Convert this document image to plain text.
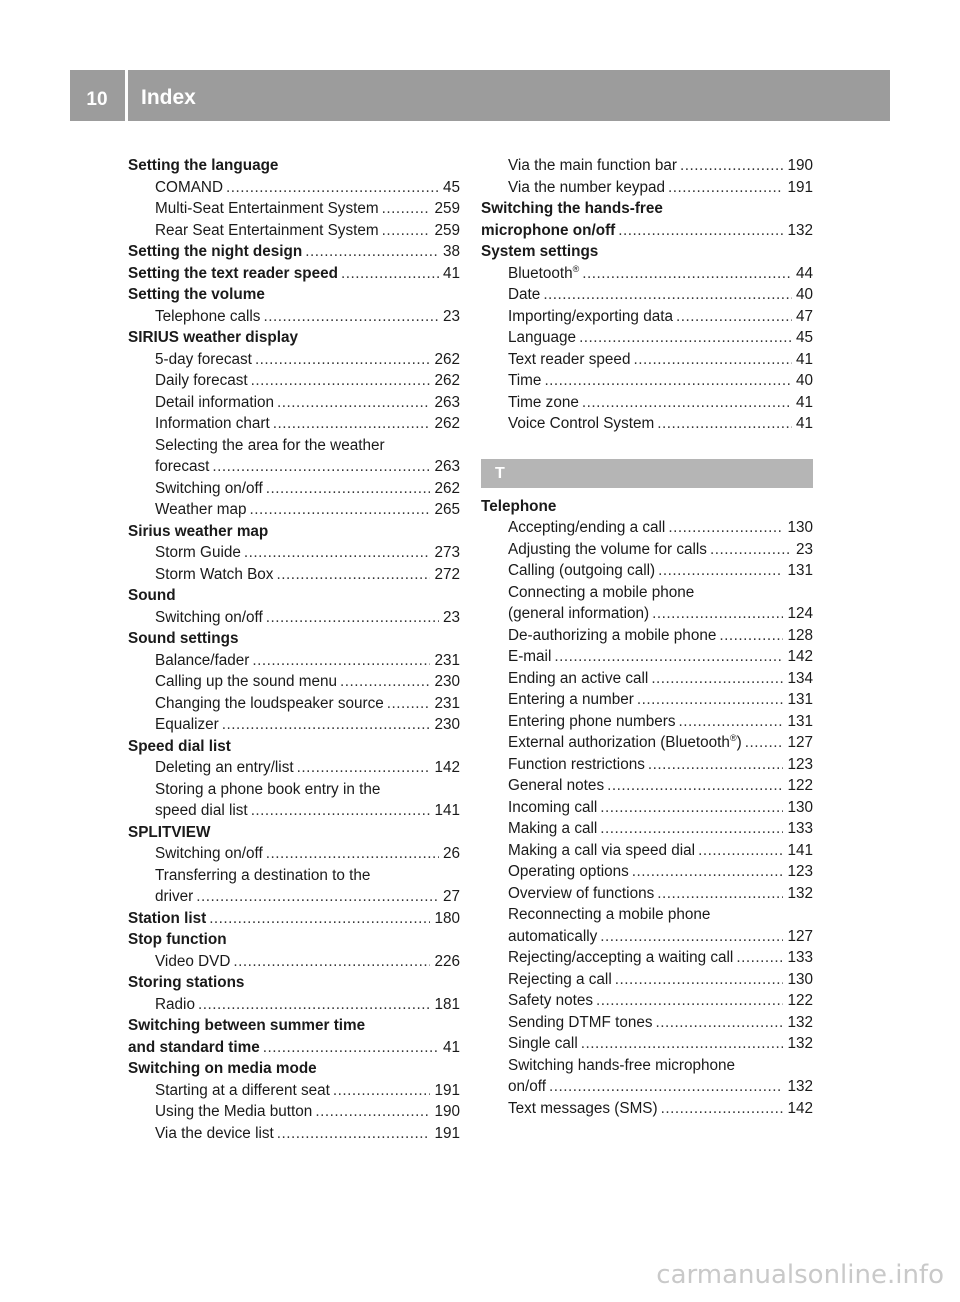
10	Index
Setting the language
COMAND .....	45
Multi-Seat Entertainment System .....	259
Rear Seat Entertainment System .....	259
Setting the night design .....	38
Setting the text reader speed .....	41
Setting the volume
Telephone calls .....	23
SIRIUS weather display
5-day forecast .....	262
Daily forecast .....	262
Detail information .....	263
Information chart .....	262
Selecting the area for the weather
forecast .....	263
Switching on/off .....	262
Weather map .....	265
Sirius weather map
Storm Guide .....	273
Storm Watch Box .....	272
Sound
Switching on/off .....	23
Sound settings
Balance/fader .....	231
Calling up the sound menu .....	230
Changing the loudspeaker source .....	231
Equalizer .....	230
Speed dial list
Deleting an entry/list .....	142
Storing a phone book entry in the
speed dial list .....	141
SPLITVIEW
Switching on/off .....	26
Transferring a destination to the
driver .....	27
Station list .....	180
Stop function
Video DVD .....	226
Storing stations
Radio .....	181
Switching between summer time
and standard time .....	41
Switching on media mode
Starting at a different seat .....	191
Using the Media button .....	190
Via the device list .....	191
Via the main function bar .....	190
Via the number keypad .....	191
Switching the hands-free
microphone on/off .....	132
System settings
Bluetooth® .....	44
Date .....	40
Importing/exporting data .....	47
Language .....	45
Text reader speed .....	41
Time .....	40
Time zone .....	41
Voice Control System .....	41
T
Telephone
Accepting/ending a call .....	130
Adjusting the volume for calls .....	23
Calling (outgoing call) .....	131
Connecting a mobile phone
(general information) .....	124
De-authorizing a mobile phone .....	128
E-mail .....	142
Ending an active call .....	134
Entering a number .....	131
Entering phone numbers .....	131
External authorization (Bluetooth®) .....	127
Function restrictions .....	123
General notes .....	122
Incoming call .....	130
Making a call .....	133
Making a call via speed dial .....	141
Operating options .....	123
Overview of functions .....	132
Reconnecting a mobile phone
automatically .....	127
Rejecting/accepting a waiting call .....	133
Rejecting a call .....	130
Safety notes .....	122
Sending DTMF tones .....	132
Single call .....	132
Switching hands-free microphone
on/off .....	132
Text messages (SMS) .....	142
carmanualsonline.info
